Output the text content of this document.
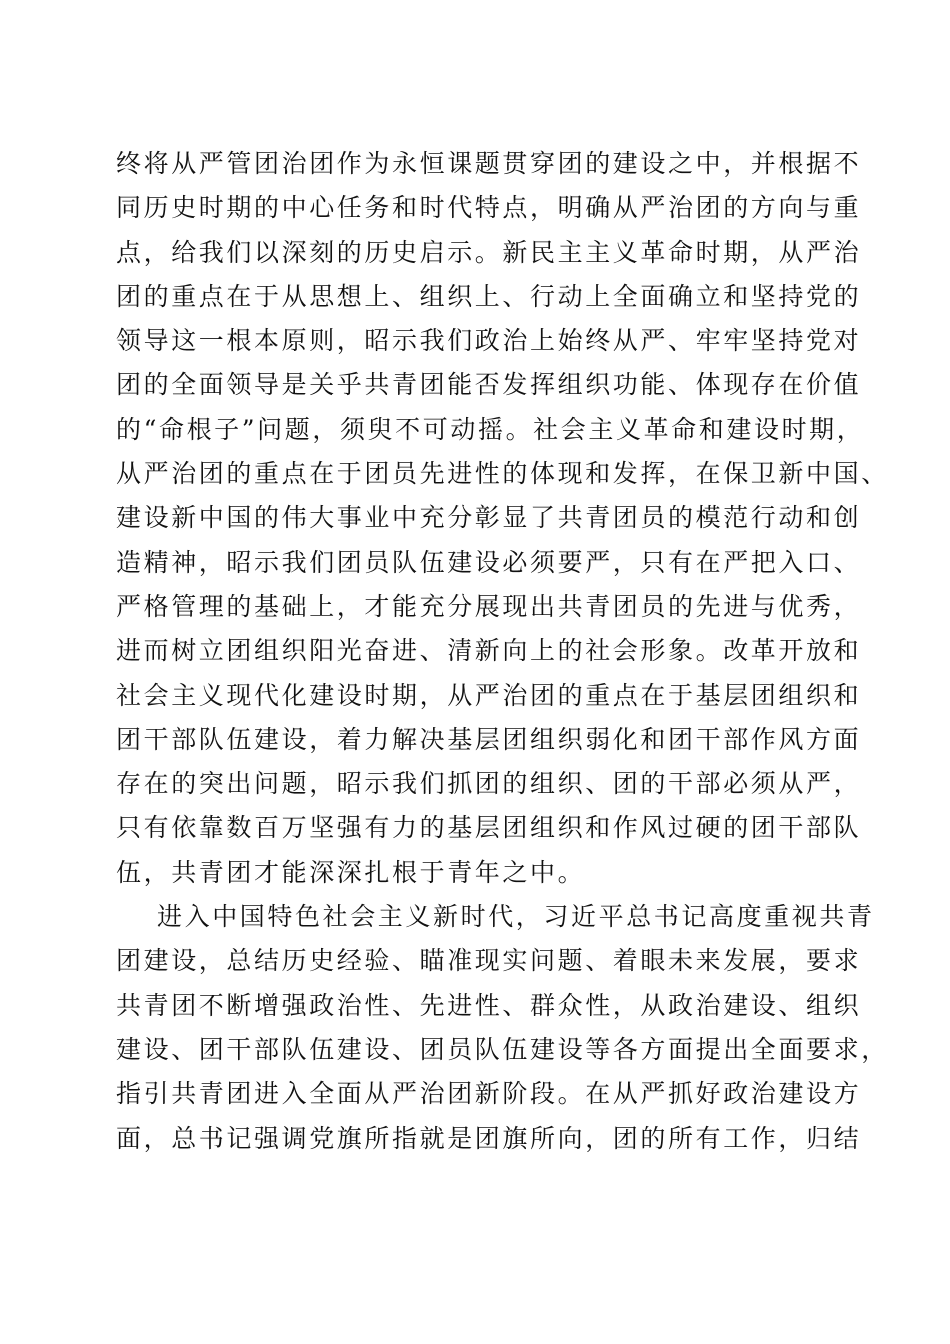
终将从严管团治团作为永恒课题贯穿团的建设之中，并根据不
同历史时期的中心任务和时代特点，明确从严治团的方向与重
点，给我们以深刻的历史启示。新民主主义革命时期，从严治
团的重点在于从思想上、组织上、行动上全面确立和坚持党的
领导这一根本原则，昭示我们政治上始终从严、牢牢坚持党对
团的全面领导是关乎共青团能否发挥组织功能、体现存在价值
的“命根子”问题，须臾不可动摇。社会主义革命和建设时期，
从严治团的重点在于团员先进性的体现和发挥，在保卫新中国、
建设新中国的伟大事业中充分彰显了共青团员的模范行动和创
造精神，昭示我们团员队伍建设必须要严，只有在严把入口、
严格管理的基础上，才能充分展现出共青团员的先进与优秀，
进而树立团组织阳光奋进、清新向上的社会形象。改革开放和
社会主义现代化建设时期，从严治团的重点在于基层团组织和
团干部队伍建设，着力解决基层团组织弱化和团干部作风方面
存在的突出问题，昭示我们抓团的组织、团的干部必须从严，
只有依靠数百万坚强有力的基层团组织和作风过硬的团干部队
伍，共青团才能深深扎根于青年之中。
进入中国特色社会主义新时代，习近平总书记高度重视共青
团建设，总结历史经验、瞄准现实问题、着眼未来发展，要求
共青团不断增强政治性、先进性、群众性，从政治建设、组织
建设、团干部队伍建设、团员队伍建设等各方面提出全面要求，
指引共青团进入全面从严治团新阶段。在从严抓好政治建设方
面，总书记强调党旗所指就是团旗所向，团的所有工作，归结
